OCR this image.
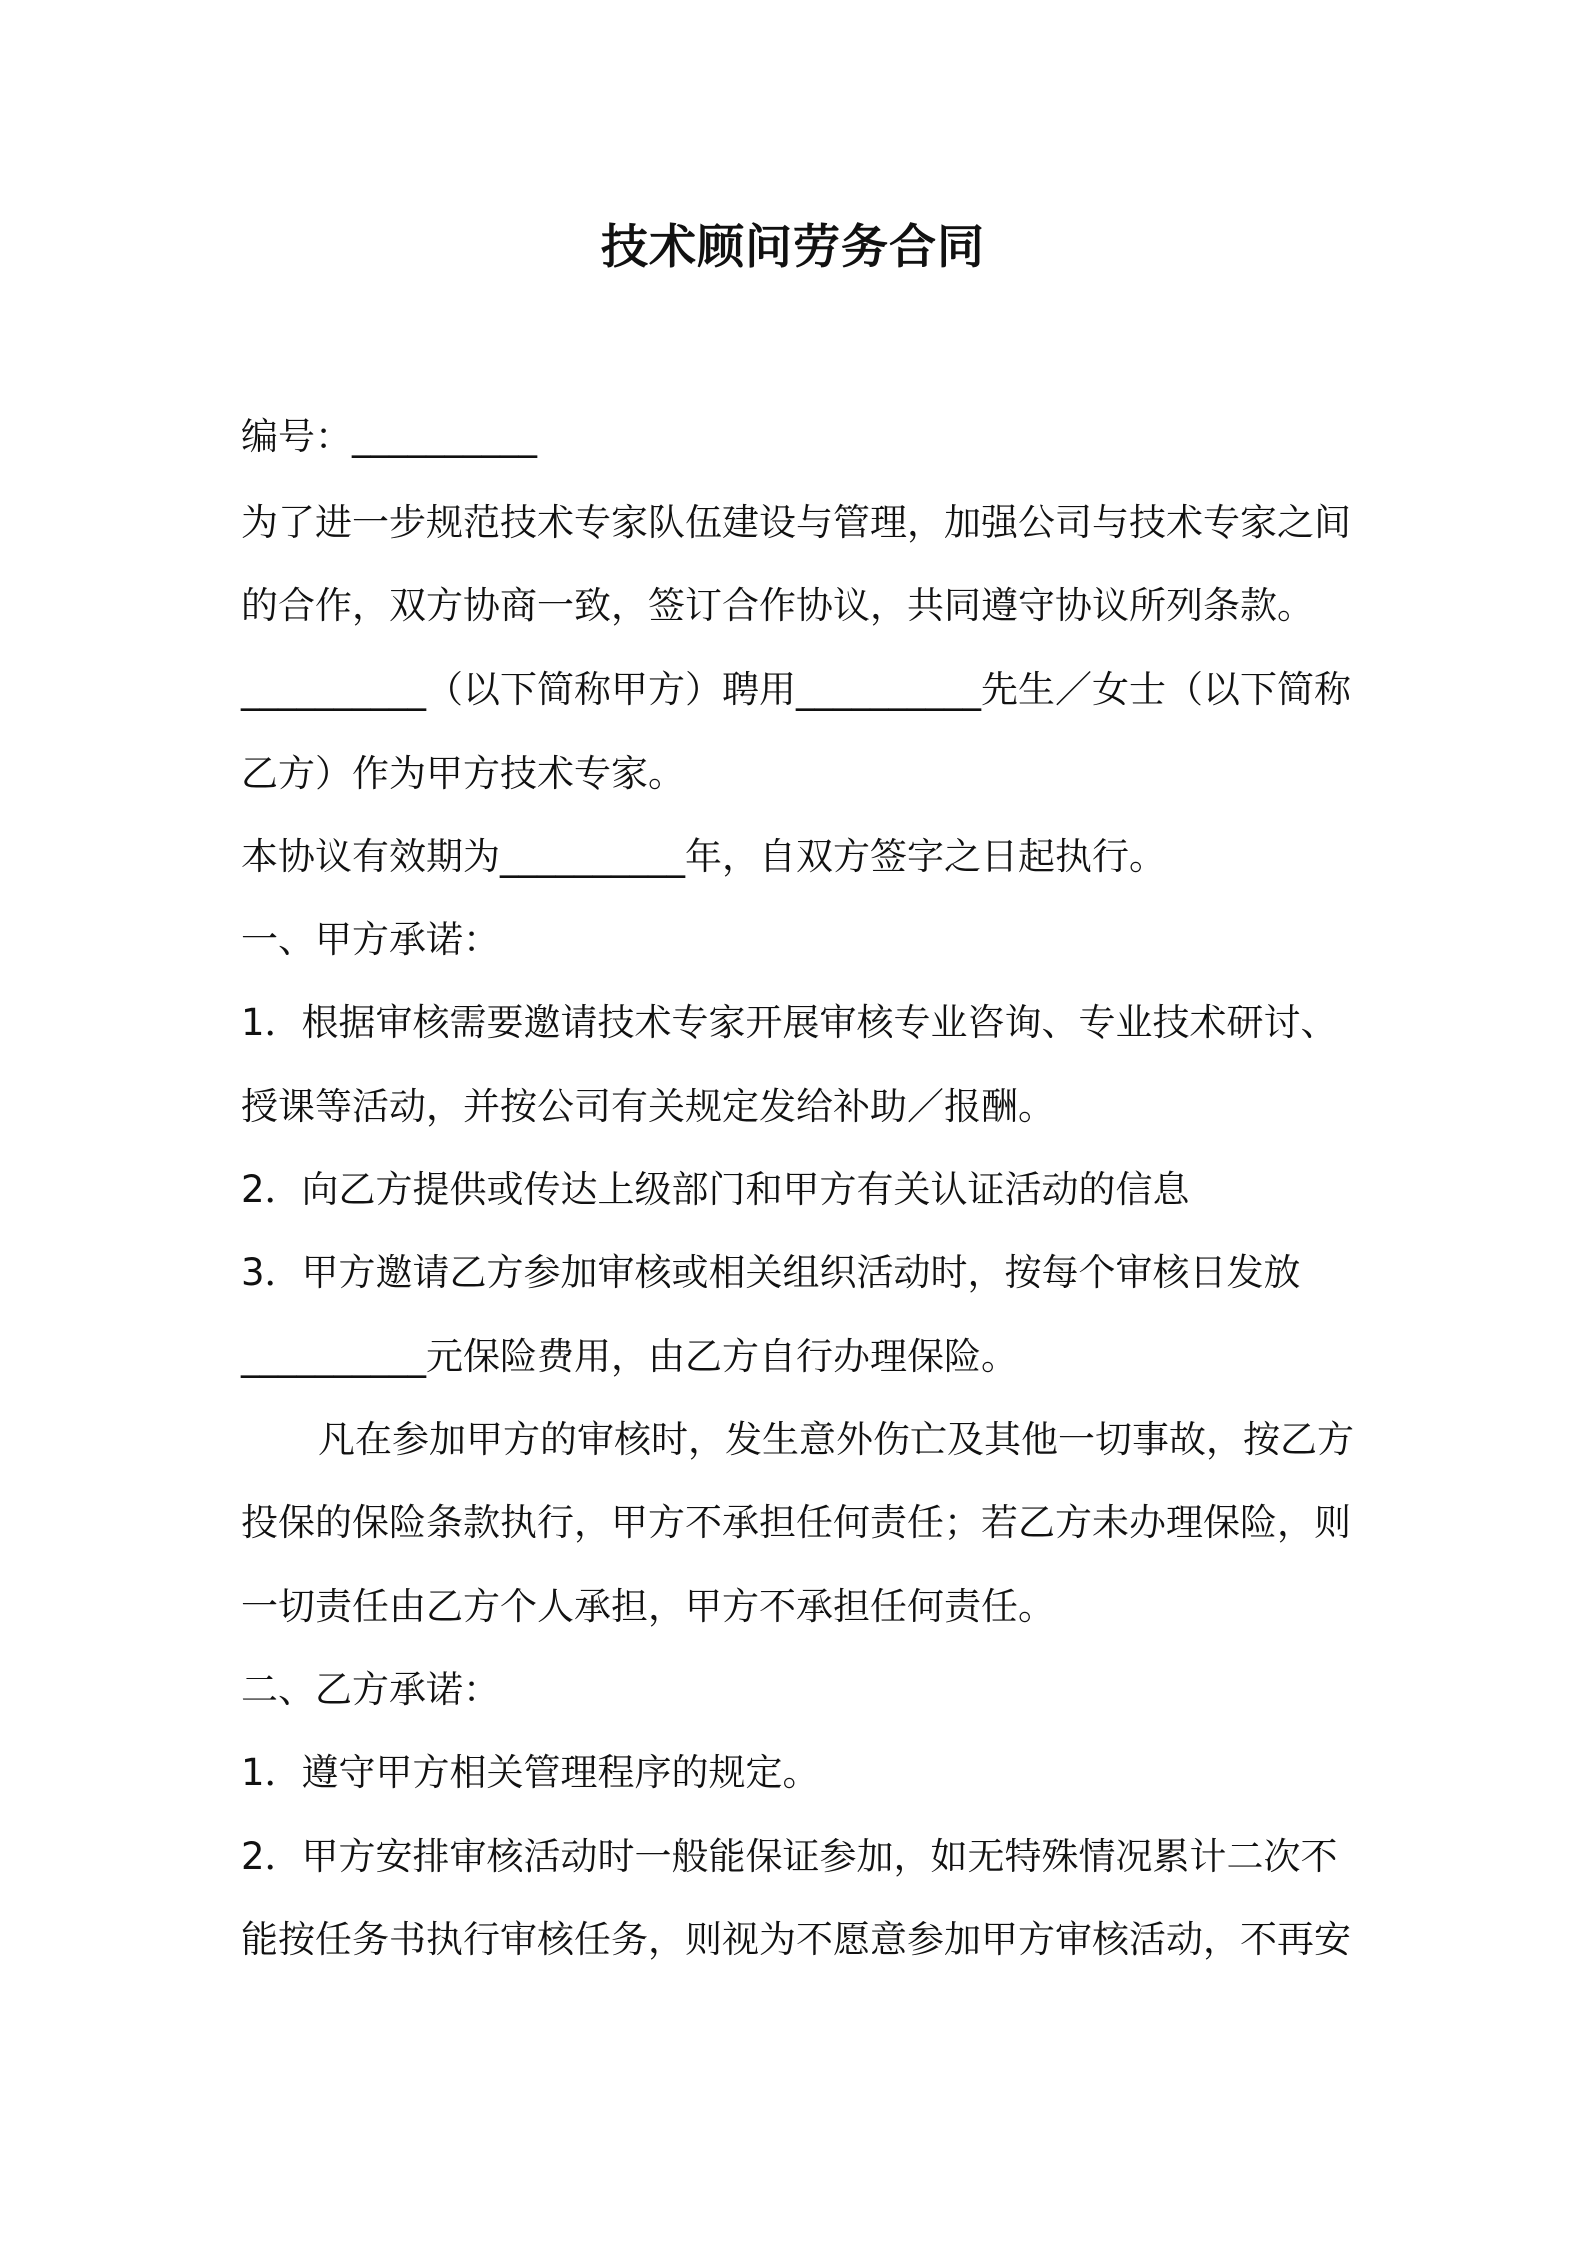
技术顾问劳务合同

编号：__________

为了进一步规范技术专家队伍建设与管理，加强公司与技术专家之间

的合作，双方协商一致，签订合作协议，共同遵守协议所列条款。

__________（以下简称甲方）聘用__________先生／女士（以下简称

乙方）作为甲方技术专家。

本协议有效期为__________年，自双方签字之日起执行。

一、甲方承诺：

1．根据审核需要邀请技术专家开展审核专业咨询、专业技术研讨、

授课等活动，并按公司有关规定发给补助／报酬。

2．向乙方提供或传达上级部门和甲方有关认证活动的信息

3．甲方邀请乙方参加审核或相关组织活动时，按每个审核日发放

__________元保险费用，由乙方自行办理保险。

凡在参加甲方的审核时，发生意外伤亡及其他一切事故，按乙方

投保的保险条款执行，甲方不承担任何责任；若乙方未办理保险，则

一切责任由乙方个人承担，甲方不承担任何责任。

二、乙方承诺：

1．遵守甲方相关管理程序的规定。

2．甲方安排审核活动时一般能保证参加，如无特殊情况累计二次不

能按任务书执行审核任务，则视为不愿意参加甲方审核活动，不再安
